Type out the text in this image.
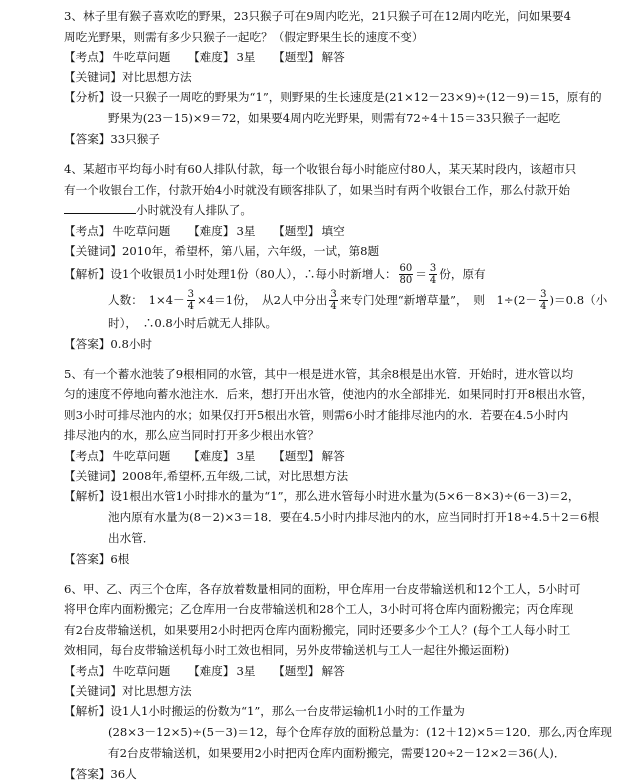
3、林子里有猴子喜欢吃的野果，23只猴子可在9周内吃光，21只猴子可在12周内吃光，问如果要4

周吃光野果，则需有多少只猴子一起吃？（假定野果生长的速度不变）

【考点】 牛吃草问题 【难度】 3星 【题型】 解答

【关键词】对比思想方法

【分析】设一只猴子一周吃的野果为“1”，则野果的生长速度是(21×12－23×9)÷(12－9)＝15，原有的

野果为(23－15)×9＝72，如果要4周内吃光野果，则需有72÷4＋15＝33只猴子一起吃

【答案】33只猴子

4、某超市平均每小时有60人排队付款，每一个收银台每小时能应付80人，某天某时段内，该超市只

有一个收银台工作，付款开始4小时就没有顾客排队了，如果当时有两个收银台工作，那么付款开始

小时就没有人排队了。

【考点】 牛吃草问题 【难度】 3星 【题型】 填空

【关键词】2010年，希望杯，第八届，六年级，一试，第8题

【解析】设1个收银员1小时处理1份（80人），∴每小时新增人： $\frac{60}{80} = \frac{3}{4}$ 份，原有

人数：　$1\times 4- \frac{3}{4} \times 4=1$份，　从2人中分出 $\frac{3}{4}$ 来专门处理“新增草量”，　则　$1\div(2- \frac{3}{4} )=0.8$（小

时），　∴0.8小时后就无人排队。

【答案】0.8小时

5、有一个蓄水池装了9根相同的水管，其中一根是进水管，其余8根是出水管．开始时，进水管以均

匀的速度不停地向蓄水池注水．后来，想打开出水管，使池内的水全部排光．如果同时打开8根出水管，

则3小时可排尽池内的水；如果仅打开5根出水管，则需6小时才能排尽池内的水．若要在4.5小时内

排尽池内的水，那么应当同时打开多少根出水管？

【考点】 牛吃草问题 【难度】 3星 【题型】 解答

【关键词】2008年,希望杯,五年级,二试，对比思想方法

【解析】设1根出水管1小时排水的量为“1”，那么进水管每小时进水量为(5×6－8×3)÷(6－3)＝2，

池内原有水量为(8－2)×3＝18．要在4.5小时内排尽池内的水，应当同时打开18÷4.5＋2＝6根

出水管．

【答案】6根

6、甲、乙、丙三个仓库，各存放着数量相同的面粉，甲仓库用一台皮带输送机和12个工人，5小时可

将甲仓库内面粉搬完；乙仓库用一台皮带输送机和28个工人，3小时可将仓库内面粉搬完；丙仓库现

有2台皮带输送机，如果要用2小时把丙仓库内面粉搬完，同时还要多少个工人？(每个工人每小时工

效相同，每台皮带输送机每小时工效也相同，另外皮带输送机与工人一起往外搬运面粉)

【考点】 牛吃草问题 【难度】 3星 【题型】 解答

【关键词】对比思想方法

【解析】设1人1小时搬运的份数为“1”，那么一台皮带运输机1小时的工作量为

(28×3－12×5)÷(5－3)＝12，每个仓库存放的面粉总量为：(12＋12)×5＝120．那么,丙仓库现

有2台皮带输送机，如果要用2小时把丙仓库内面粉搬完，需要120÷2－12×2＝36(人)．

【答案】36人
